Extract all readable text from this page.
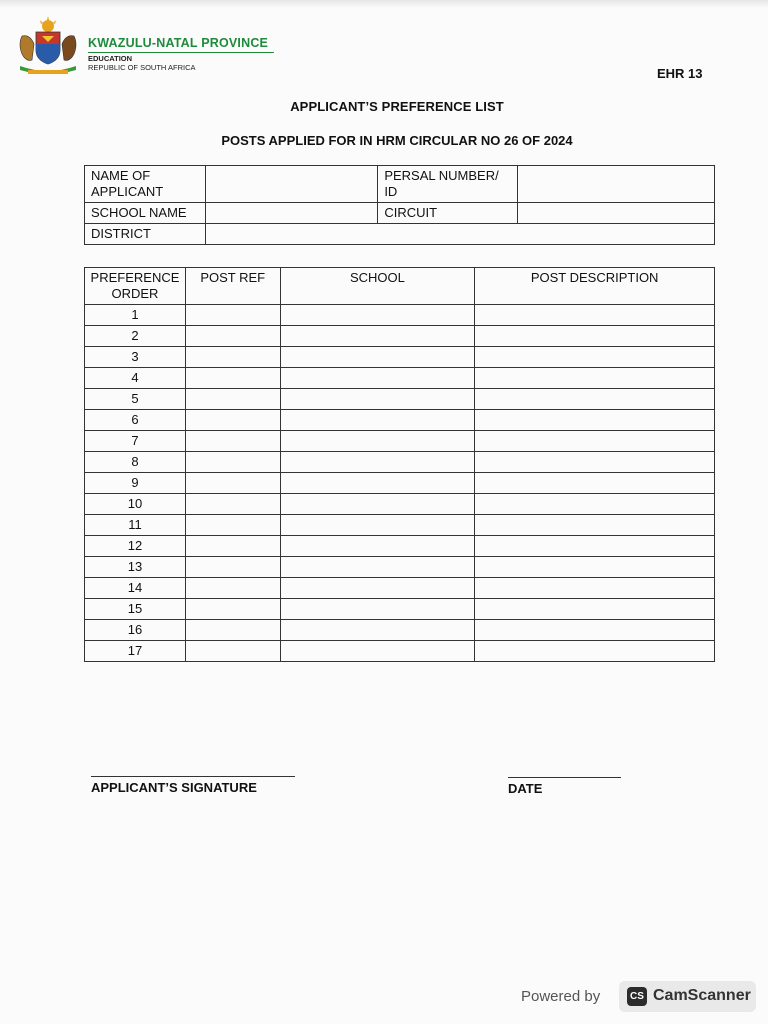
KWAZULU-NATAL PROVINCE
EDUCATION
REPUBLIC OF SOUTH AFRICA	EHR 13
APPLICANT’S PREFERENCE LIST
POSTS APPLIED FOR IN HRM CIRCULAR NO 26 OF 2024
NAME OF APPLICANT		PERSAL NUMBER/ ID	
SCHOOL NAME		CIRCUIT	
DISTRICT			
PREFERENCE ORDER	POST REF	SCHOOL	POST DESCRIPTION
1			
2			
3			
4			
5			
6			
7			
8			
9			
10			
11			
12			
13			
14			
15			
16			
17			
APPLICANT’S SIGNATURE	DATE
Powered by	CS CamScanner
